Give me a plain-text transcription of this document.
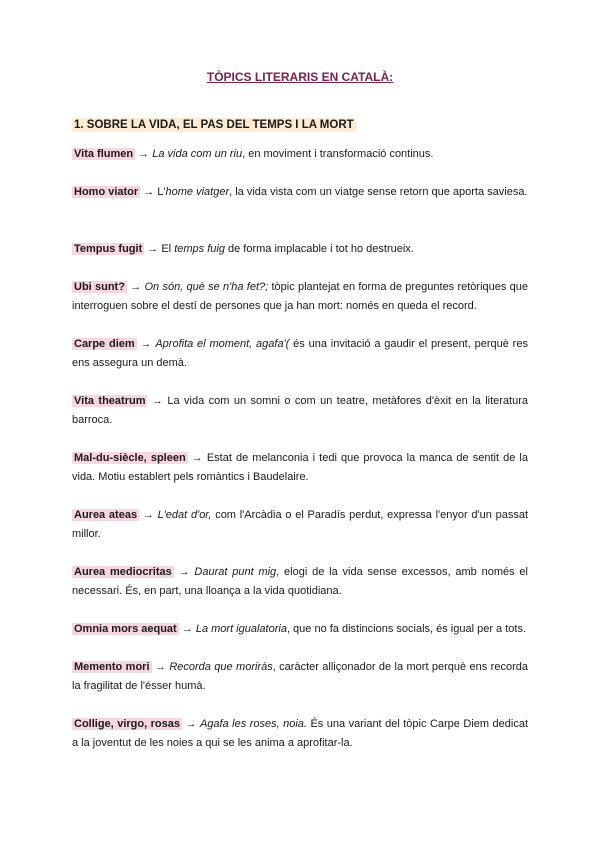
TÒPICS LITERARIS EN CATALÀ:
1. SOBRE LA VIDA, EL PAS DEL TEMPS I LA MORT

Vita flumen → La vida com un riu, en moviment i transformació continus.

Homo viator → L'home viatger, la vida vista com un viatge sense retorn que aporta saviesa.

Tempus fugit → El temps fuig de forma implacable i tot ho destrueix.

Ubi sunt? → On són, què se n'ha fet?; tòpic plantejat en forma de preguntes retòriques que interroguen sobre el destí de persones que ja han mort: només en queda el record.

Carpe diem → Aprofita el moment, agafa'( és una invitació a gaudir el present, perquè res ens assegura un demà.

Vita theatrum → La vida com un somni o com un teatre, metàfores d'èxit en la literatura barroca.

Mal-du-siècle, spleen → Estat de melanconia i tedi que provoca la manca de sentit de la vida. Motiu establert pels romàntics i Baudelaire.

Aurea ateas → L'edat d'or, com l'Arcàdia o el Paradís perdut, expressa l'enyor d'un passat millor.

Aurea mediocritas → Daurat punt mig, elogi de la vida sense excessos, amb només el necessari. És, en part, una lloança a la vida quotidiana.

Omnia mors aequat → La mort igualatoria, que no fa distincions socials, és igual per a tots.

Memento mori → Recorda que moriràs, caràcter alliçonador de la mort perquè ens recorda la fragilitat de l'ésser humà.

Collige, virgo, rosas → Agafa les roses, noia. És una variant del tòpic Carpe Diem dedicat a la joventut de les noies a qui se les anima a aprofitar-la.
